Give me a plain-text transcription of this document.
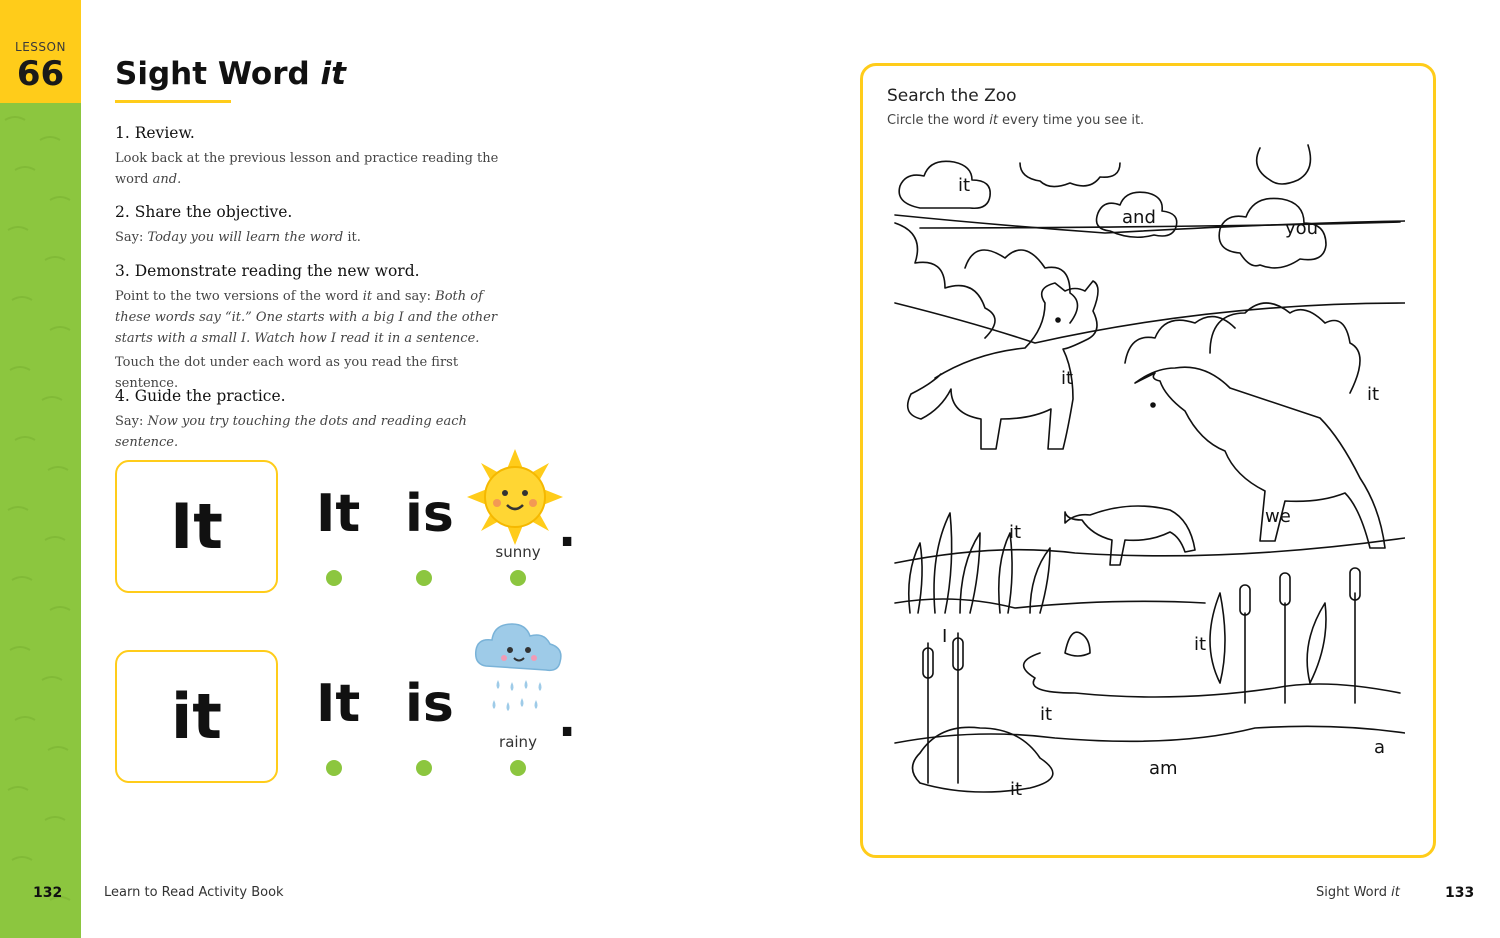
LESSON
66	Sight Word it
1. Review.
Look back at the previous lesson and practice reading the word and.
2. Share the objective.
Say: Today you will learn the word it.
3. Demonstrate reading the new word.
Point to the two versions of the word it and say: Both of these words say “it.” One starts with a big I and the other starts with a small I. Watch how I read it in a sentence.
Touch the dot under each word as you read the first sentence.
4. Guide the practice.
Say: Now you try touching the dots and reading each sentence.
It	It is
sunny .
it	It is
rainy .
Search the Zoo
Circle the word it every time you see it.
it
and
you
it
it
it
we
I	it
it
a
am
it
132	Learn to Read Activity Book	Sight Word it	133
